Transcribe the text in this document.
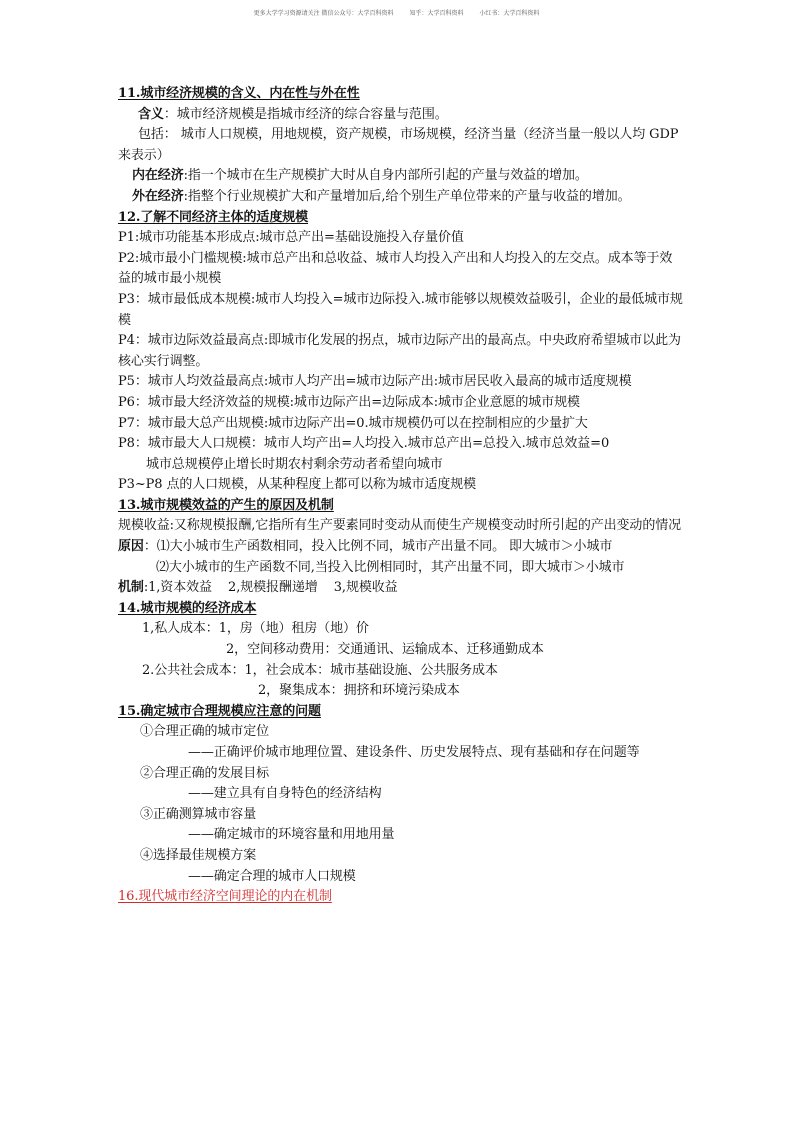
更多大学学习资源请关注 微信公众号：大学百科资料	知乎：大学百科资料	小红书：大学百科资料
11.城市经济规模的含义、内在性与外在性
含义：城市经济规模是指城市经济的综合容量与范围。
包括： 城市人口规模，用地规模，资产规模，市场规模，经济当量（经济当量一般以人均 GDP 来表示）
内在经济:指一个城市在生产规模扩大时从自身内部所引起的产量与效益的增加。
外在经济:指整个行业规模扩大和产量增加后,给个别生产单位带来的产量与收益的增加。
12.了解不同经济主体的适度规模
P1:城市功能基本形成点:城市总产出=基础设施投入存量价值
P2:城市最小门槛规模:城市总产出和总收益、城市人均投入产出和人均投入的左交点。成本等于效益的城市最小规模
P3：城市最低成本规模:城市人均投入=城市边际投入.城市能够以规模效益吸引，企业的最低城市规模
P4：城市边际效益最高点:即城市化发展的拐点，城市边际产出的最高点。中央政府希望城市以此为核心实行调整。
P5：城市人均效益最高点:城市人均产出=城市边际产出:城市居民收入最高的城市适度规模
P6：城市最大经济效益的规模:城市边际产出=边际成本:城市企业意愿的城市规模
P7：城市最大总产出规模:城市边际产出=0.城市规模仍可以在控制相应的少量扩大
P8：城市最大人口规模：城市人均产出=人均投入.城市总产出=总投入.城市总效益=0
城市总规模停止增长时期农村剩余劳动者希望向城市
P3~P8 点的人口规模，从某种程度上都可以称为城市适度规模
13.城市规模效益的产生的原因及机制
规模收益:又称规模报酬,它指所有生产要素同时变动从而使生产规模变动时所引起的产出变动的情况
原因：⑴大小城市生产函数相同，投入比例不同，城市产出量不同。 即大城市＞小城市
⑵大小城市的生产函数不同,当投入比例相同时，其产出量不同，即大城市＞小城市
机制:1,资本效益    2,规模报酬递增    3,规模收益
14.城市规模的经济成本
1,私人成本：1，房（地）租房（地）价
2，空间移动费用：交通通讯、运输成本、迁移通勤成本
2.公共社会成本：1，社会成本：城市基础设施、公共服务成本
2，聚集成本：拥挤和环境污染成本
15.确定城市合理规模应注意的问题
①合理正确的城市定位
——正确评价城市地理位置、建设条件、历史发展特点、现有基础和存在问题等
②合理正确的发展目标
——建立具有自身特色的经济结构
③正确测算城市容量
——确定城市的环境容量和用地用量
④选择最佳规模方案
——确定合理的城市人口规模
16.现代城市经济空间理论的内在机制
